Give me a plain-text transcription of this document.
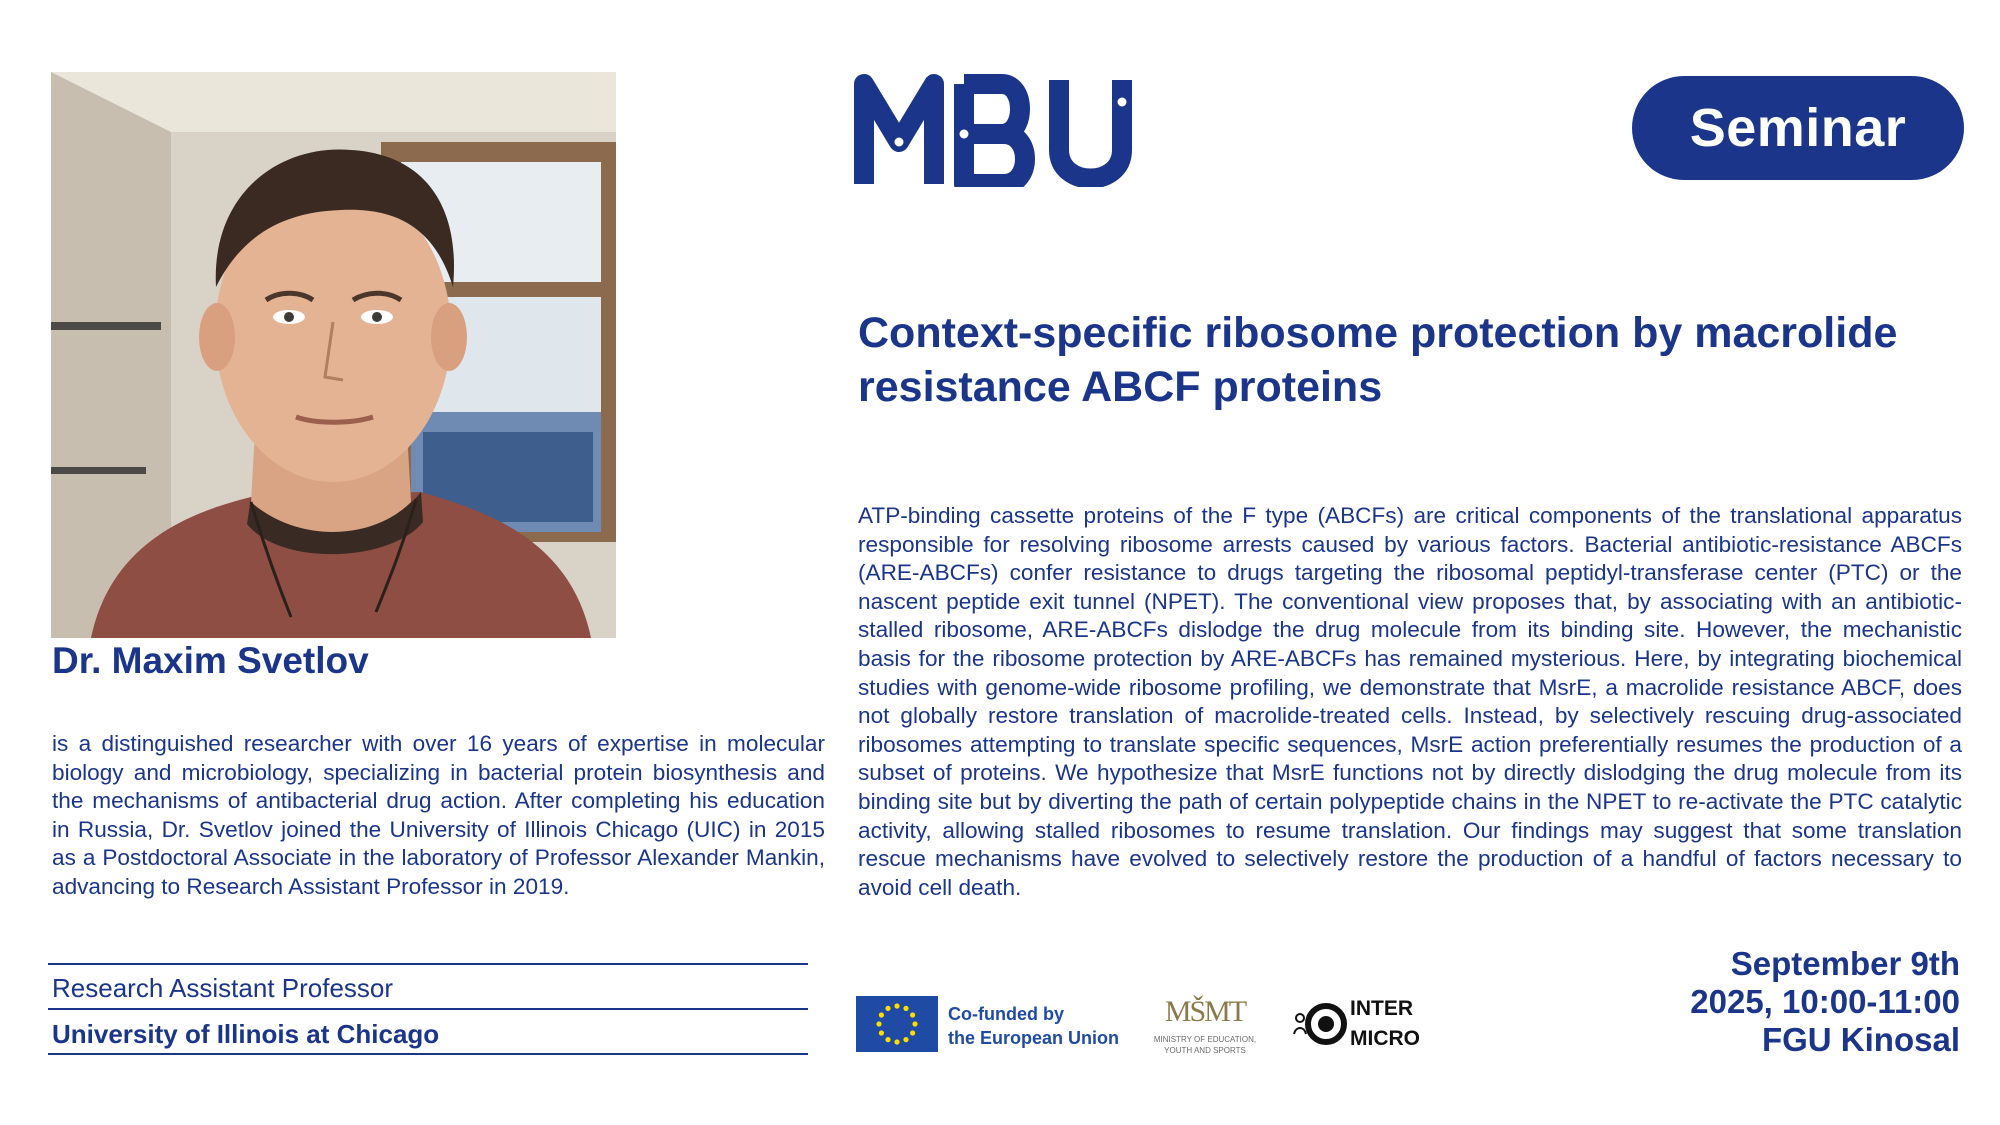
Dr. Maxim Svetlov
is a distinguished researcher with over 16 years of expertise in molecular biology and microbiology, specializing in bacterial protein biosynthesis and the mechanisms of antibacterial drug action. After completing his education in Russia, Dr. Svetlov joined the University of Illinois Chicago (UIC) in 2015 as a Postdoctoral Associate in the laboratory of Professor Alexander Mankin, advancing to Research Assistant Professor in 2019.
Research Assistant Professor
University of Illinois at Chicago
Seminar
Context-specific ribosome protection by macrolide resistance ABCF proteins
ATP-binding cassette proteins of the F type (ABCFs) are critical components of the translational apparatus responsible for resolving ribosome arrests caused by various factors. Bacterial antibiotic-resistance ABCFs (ARE-ABCFs) confer resistance to drugs targeting the ribosomal peptidyl-transferase center (PTC) or the nascent peptide exit tunnel (NPET). The conventional view proposes that, by associating with an antibiotic-stalled ribosome, ARE-ABCFs dislodge the drug molecule from its binding site. However, the mechanistic basis for the ribosome protection by ARE-ABCFs has remained mysterious. Here, by integrating biochemical studies with genome-wide ribosome profiling, we demonstrate that MsrE, a macrolide resistance ABCF, does not globally restore translation of macrolide-treated cells. Instead, by selectively rescuing drug-associated ribosomes attempting to translate specific sequences, MsrE action preferentially resumes the production of a subset of proteins. We hypothesize that MsrE functions not by directly dislodging the drug molecule from its binding site but by diverting the path of certain polypeptide chains in the NPET to re-activate the PTC catalytic activity, allowing stalled ribosomes to resume translation. Our findings may suggest that some translation rescue mechanisms have evolved to selectively restore the production of a handful of factors necessary to avoid cell death.
Co-funded by
the European Union
MŠMT
MINISTRY OF EDUCATION,
YOUTH AND SPORTS
INTER
MICRO
September 9th
2025, 10:00-11:00
FGU Kinosal
